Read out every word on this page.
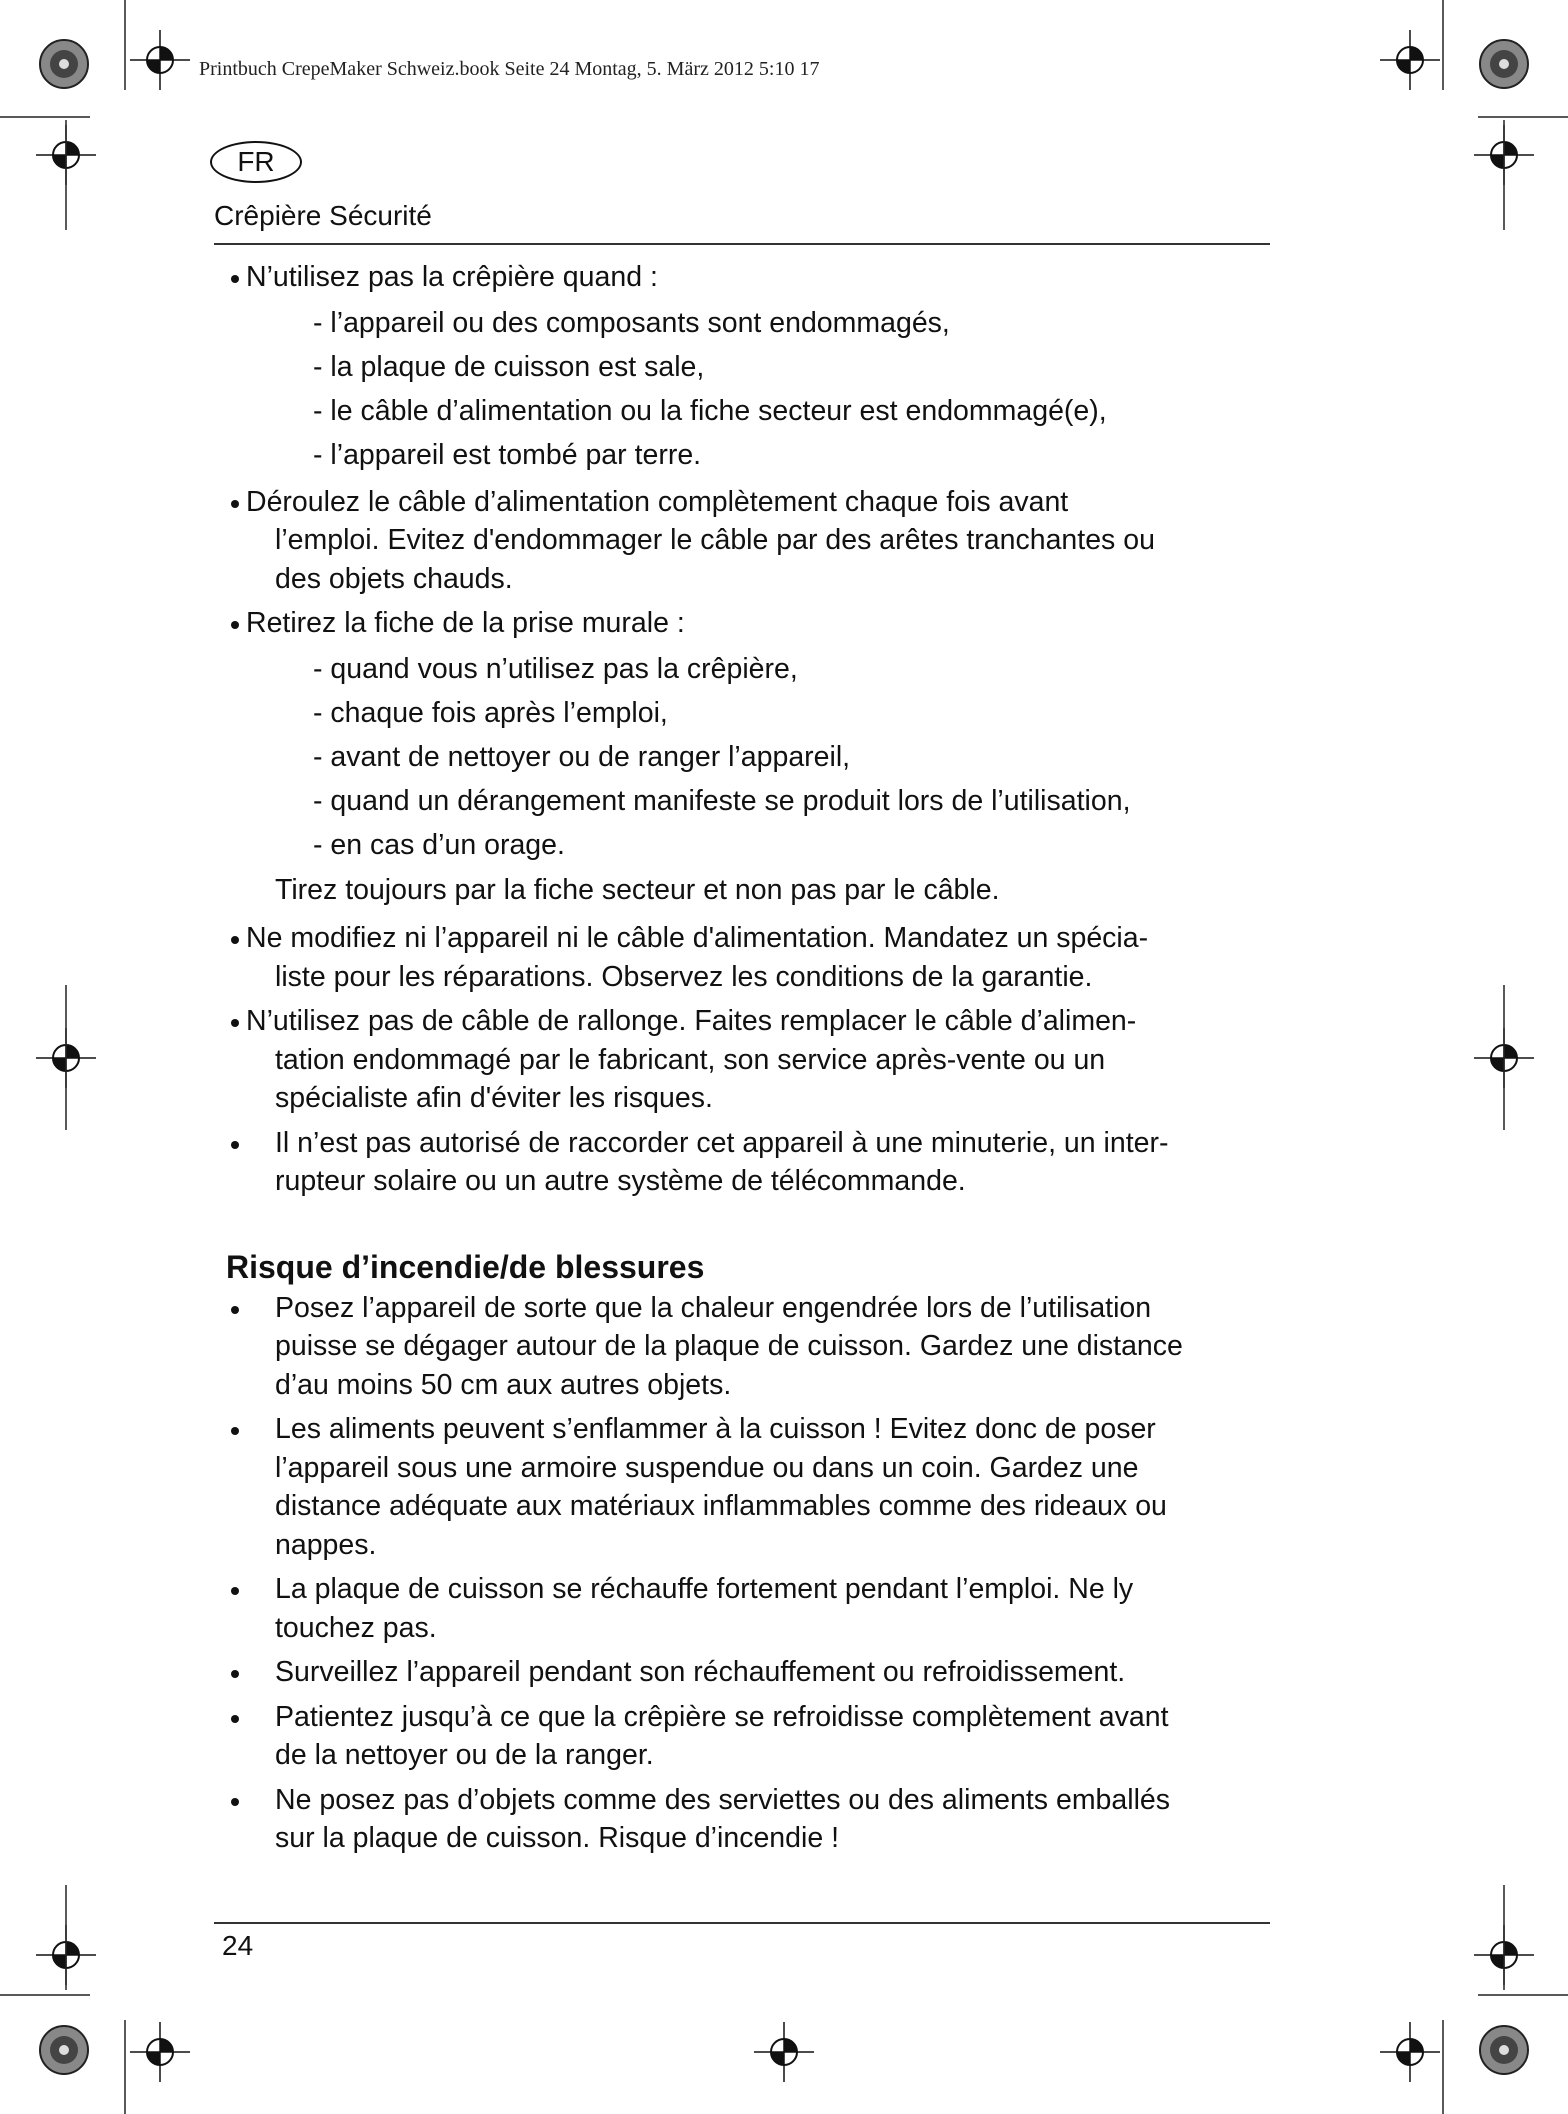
Printbuch CrepeMaker Schweiz.book Seite 24 Montag, 5. März 2012 5:10 17
FR
Crêpière Sécurité
N’utilisez pas la crêpière quand :
- l’appareil ou des composants sont endommagés,
- la plaque de cuisson est sale,
- le câble d’alimentation ou la fiche secteur est endommagé(e),
- l’appareil est tombé par terre.
Déroulez le câble d’alimentation complètement chaque fois avant
l’emploi. Evitez d'endommager le câble par des arêtes tranchantes ou
des objets chauds.
Retirez la fiche de la prise murale :
- quand vous n’utilisez pas la crêpière,
- chaque fois après l’emploi,
- avant de nettoyer ou de ranger l’appareil,
- quand un dérangement manifeste se produit lors de l’utilisation,
- en cas d’un orage.
Tirez toujours par la fiche secteur et non pas par le câble.
Ne modifiez ni l’appareil ni le câble d'alimentation. Mandatez un spécia-
liste pour les réparations. Observez les conditions de la garantie.
N’utilisez pas de câble de rallonge. Faites remplacer le câble d’alimen-
tation endommagé par le fabricant, son service après-vente ou un
spécialiste afin d'éviter les risques.
Il n’est pas autorisé de raccorder cet appareil à une minuterie, un inter-
rupteur solaire ou un autre système de télécommande.
Risque d’incendie/de blessures
Posez l’appareil de sorte que la chaleur engendrée lors de l’utilisation
puisse se dégager autour de la plaque de cuisson. Gardez une distance
d’au moins 50 cm aux autres objets.
Les aliments peuvent s’enflammer à la cuisson ! Evitez donc de poser
l’appareil sous une armoire suspendue ou dans un coin. Gardez une
distance adéquate aux matériaux inflammables comme des rideaux ou
nappes.
La plaque de cuisson se réchauffe fortement pendant l’emploi. Ne ly
touchez pas.
Surveillez l’appareil pendant son réchauffement ou refroidissement.
Patientez jusqu’à ce que la crêpière se refroidisse complètement avant
de la nettoyer ou de la ranger.
Ne posez pas d’objets comme des serviettes ou des aliments emballés
sur la plaque de cuisson. Risque d’incendie !
24
